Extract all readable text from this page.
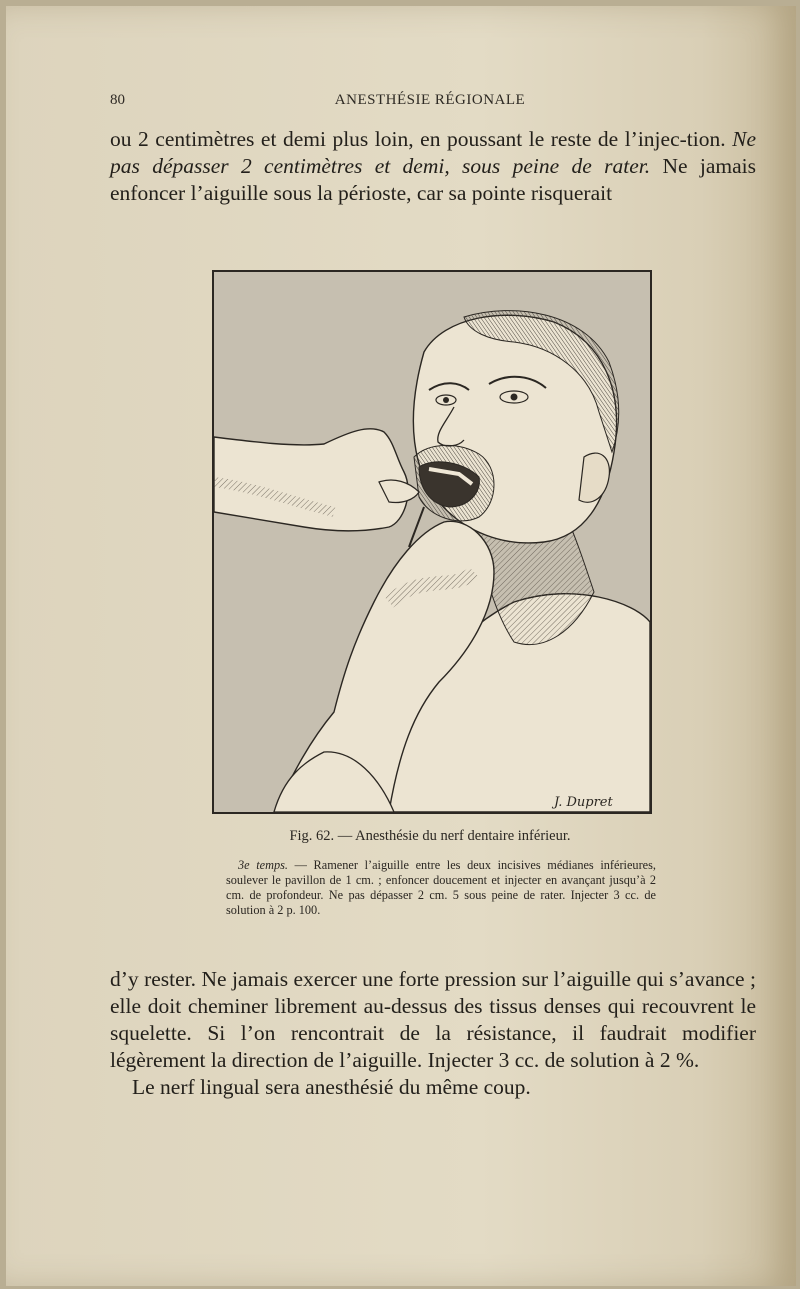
80	ANESTHÉSIE RÉGIONALE

ou 2 centimètres et demi plus loin, en poussant le reste de l’injec-tion. Ne pas dépasser 2 centimètres et demi, sous peine de rater. Ne jamais enfoncer l’aiguille sous la périoste, car sa pointe risquerait

J. Dupret
Fig. 62. — Anesthésie du nerf dentaire inférieur.

3e temps. — Ramener l’aiguille entre les deux incisives médianes inférieures, soulever le pavillon de 1 cm. ; enfoncer doucement et injecter en avançant jusqu’à 2 cm. de profondeur. Ne pas dépasser 2 cm. 5 sous peine de rater. Injecter 3 cc. de solution à 2 p. 100.

d’y rester. Ne jamais exercer une forte pression sur l’aiguille qui s’avance ; elle doit cheminer librement au-dessus des tissus denses qui recouvrent le squelette. Si l’on rencontrait de la résistance, il faudrait modifier légèrement la direction de l’aiguille. Injecter 3 cc. de solution à 2 %.

Le nerf lingual sera anesthésié du même coup.
